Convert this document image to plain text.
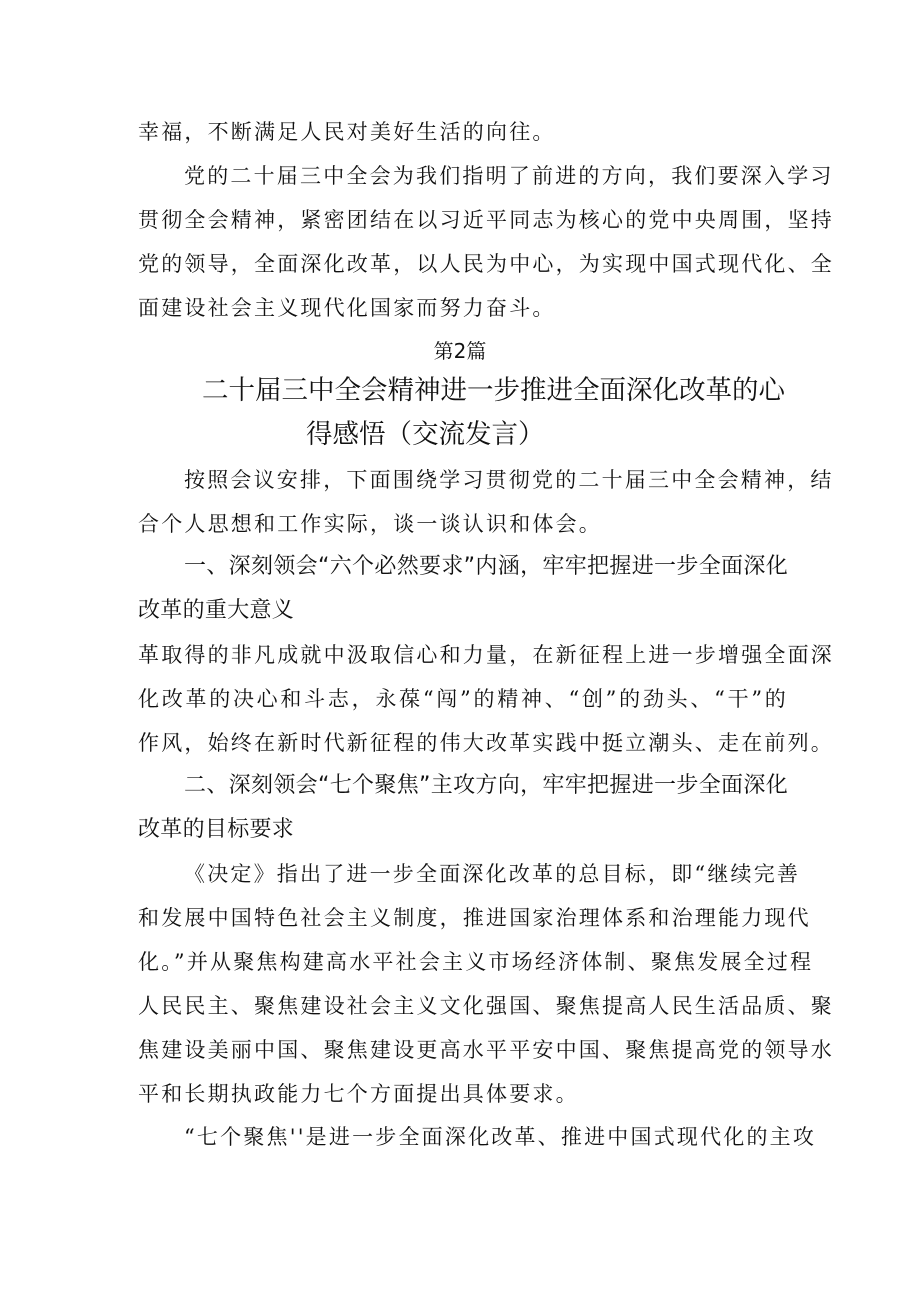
幸福，不断满足人民对美好生活的向往。
党的二十届三中全会为我们指明了前进的方向，我们要深入学习
贯彻全会精神，紧密团结在以习近平同志为核心的党中央周围，坚持
党的领导，全面深化改革，以人民为中心，为实现中国式现代化、全
面建设社会主义现代化国家而努力奋斗。
第2篇
二十届三中全会精神进一步推进全面深化改革的心
得感悟（交流发言）
按照会议安排，下面围绕学习贯彻党的二十届三中全会精神，结
合个人思想和工作实际，谈一谈认识和体会。
一、深刻领会“六个必然要求”内涵，牢牢把握进一步全面深化
改革的重大意义
革取得的非凡成就中汲取信心和力量，在新征程上进一步增强全面深
化改革的决心和斗志，永葆“闯”的精神、“创”的劲头、“干”的
作风，始终在新时代新征程的伟大改革实践中挺立潮头、走在前列。
二、深刻领会“七个聚焦”主攻方向，牢牢把握进一步全面深化
改革的目标要求
《决定》指出了进一步全面深化改革的总目标，即“继续完善
和发展中国特色社会主义制度，推进国家治理体系和治理能力现代
化。”并从聚焦构建高水平社会主义市场经济体制、聚焦发展全过程
人民民主、聚焦建设社会主义文化强国、聚焦提高人民生活品质、聚
焦建设美丽中国、聚焦建设更高水平平安中国、聚焦提高党的领导水
平和长期执政能力七个方面提出具体要求。
“七个聚焦''是进一步全面深化改革、推进中国式现代化的主攻
